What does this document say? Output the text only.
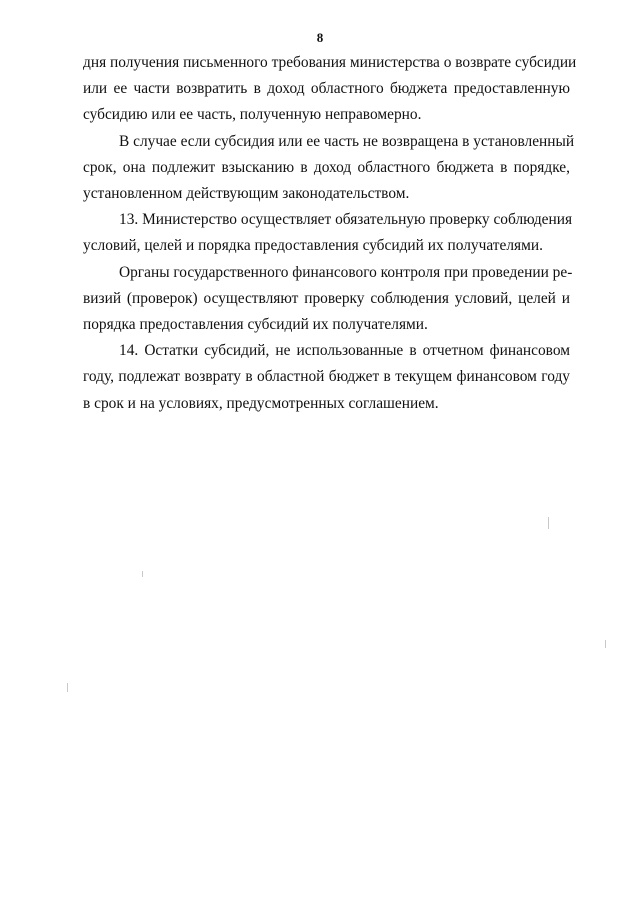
8

дня получения письменного требования министерства о возврате субсидии
или ее части возвратить в доход областного бюджета предоставленную
субсидию или ее часть, полученную неправомерно.

В случае если субсидия или ее часть не возвращена в установленный
срок, она подлежит взысканию в доход областного бюджета в порядке,
установленном действующим законодательством.

13. Министерство осуществляет обязательную проверку соблюдения
условий, целей и порядка предоставления субсидий их получателями.

Органы государственного финансового контроля при проведении ре-
визий (проверок) осуществляют проверку соблюдения условий, целей и
порядка предоставления субсидий их получателями.

14. Остатки субсидий, не использованные в отчетном финансовом
году, подлежат возврату в областной бюджет в текущем финансовом году
в срок и на условиях, предусмотренных соглашением.
